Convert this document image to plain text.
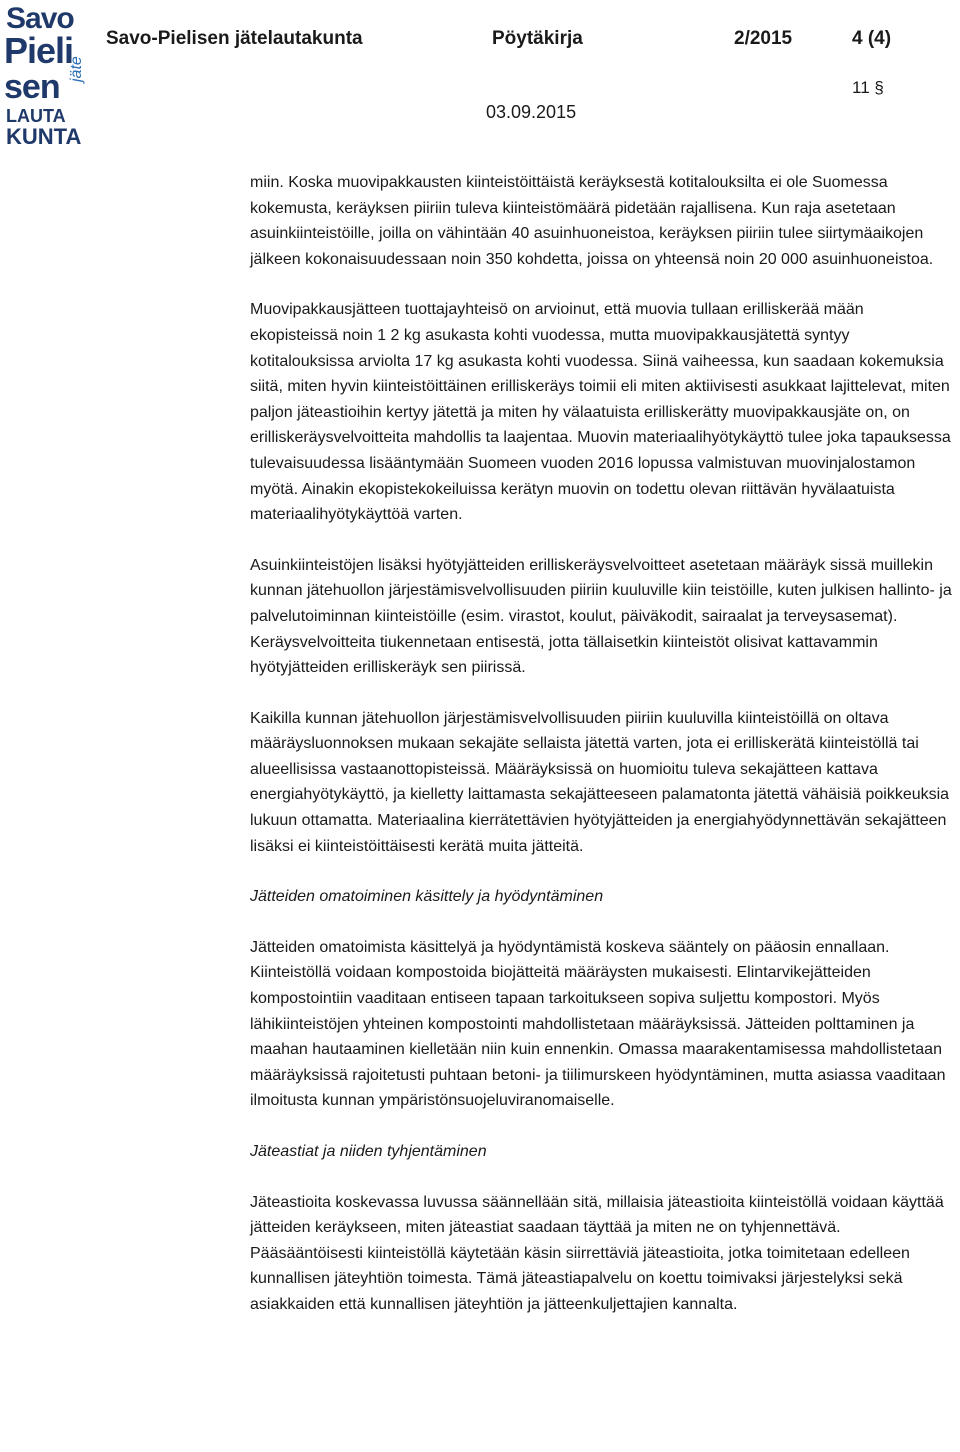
Savo
Pieli
sen jäte
LAUTA
KUNTA
Savo-Pielisen jätelautakunta	Pöytäkirja	2/2015	4 (4)
11 §
03.09.2015

miin. Koska muovipakkausten kiinteistöittäistä keräyksestä kotitalouksilta ei ole Suomessa kokemusta, keräyksen piiriin tuleva kiinteistömäärä pidetään rajallisena. Kun raja asetetaan asuinkiinteistöille, joilla on vähintään 40 asuinhuoneistoa, keräyksen piiriin tulee siirtymäaikojen jälkeen kokonaisuudessaan noin 350 kohdetta, joissa on yhteensä noin 20 000 asuinhuoneistoa.

Muovipakkausjätteen tuottajayhteisö on arvioinut, että muovia tullaan erilliskerää mään ekopisteissä noin 1 2 kg asukasta kohti vuodessa, mutta muovipakkausjätettä syntyy kotitalouksissa arviolta 17 kg asukasta kohti vuodessa. Siinä vaiheessa, kun saadaan kokemuksia siitä, miten hyvin kiinteistöittäinen erilliskeräys toimii eli miten aktiivisesti asukkaat lajittelevat, miten paljon jäteastioihin kertyy jätettä ja miten hy välaatuista erilliskerätty muovipakkausjäte on, on erilliskeräysvelvoitteita mahdollis ta laajentaa. Muovin materiaalihyötykäyttö tulee joka tapauksessa tulevaisuudessa lisääntymään Suomeen vuoden 2016 lopussa valmistuvan muovinjalostamon myötä. Ainakin ekopistekokeiluissa kerätyn muovin on todettu olevan riittävän hyvälaatuista materiaalihyötykäyttöä varten.

Asuinkiinteistöjen lisäksi hyötyjätteiden erilliskeräysvelvoitteet asetetaan määräyk sissä muillekin kunnan jätehuollon järjestämisvelvollisuuden piiriin kuuluville kiin teistöille, kuten julkisen hallinto- ja palvelutoiminnan kiinteistöille (esim. virastot, koulut, päiväkodit, sairaalat ja terveysasemat). Keräysvelvoitteita tiukennetaan entisestä, jotta tällaisetkin kiinteistöt olisivat kattavammin hyötyjätteiden erilliskeräyk sen piirissä.

Kaikilla kunnan jätehuollon järjestämisvelvollisuuden piiriin kuuluvilla kiinteistöillä on oltava määräysluonnoksen mukaan sekajäte sellaista jätettä varten, jota ei erilliskerätä kiinteistöllä tai alueellisissa vastaanottopisteissä. Määräyksissä on huomioitu tuleva sekajätteen kattava energiahyötykäyttö, ja kielletty laittamasta sekajätteeseen palamatonta jätettä vähäisiä poikkeuksia lukuun ottamatta. Materiaalina kierrätettävien hyötyjätteiden ja energiahyödynnettävän sekajätteen lisäksi ei kiinteistöittäisesti kerätä muita jätteitä.

Jätteiden omatoiminen käsittely ja hyödyntäminen

Jätteiden omatoimista käsittelyä ja hyödyntämistä koskeva sääntely on pääosin ennallaan. Kiinteistöllä voidaan kompostoida biojätteitä määräysten mukaisesti. Elintarvikejätteiden kompostointiin vaaditaan entiseen tapaan tarkoitukseen sopiva suljettu kompostori. Myös lähikiinteistöjen yhteinen kompostointi mahdollistetaan määräyksissä. Jätteiden polttaminen ja maahan hautaaminen kielletään niin kuin ennenkin. Omassa maarakentamisessa mahdollistetaan määräyksissä rajoitetusti puhtaan betoni- ja tiilimurskeen hyödyntäminen, mutta asiassa vaaditaan ilmoitusta kunnan ympäristönsuojeluviranomaiselle.

Jäteastiat ja niiden tyhjentäminen

Jäteastioita koskevassa luvussa säännellään sitä, millaisia jäteastioita kiinteistöllä voidaan käyttää jätteiden keräykseen, miten jäteastiat saadaan täyttää ja miten ne on tyhjennettävä. Pääsääntöisesti kiinteistöllä käytetään käsin siirrettäviä jäteastioita, jotka toimitetaan edelleen kunnallisen jäteyhtiön toimesta. Tämä jäteastiapalvelu on koettu toimivaksi järjestelyksi sekä asiakkaiden että kunnallisen jäteyhtiön ja jätteenkuljettajien kannalta.
